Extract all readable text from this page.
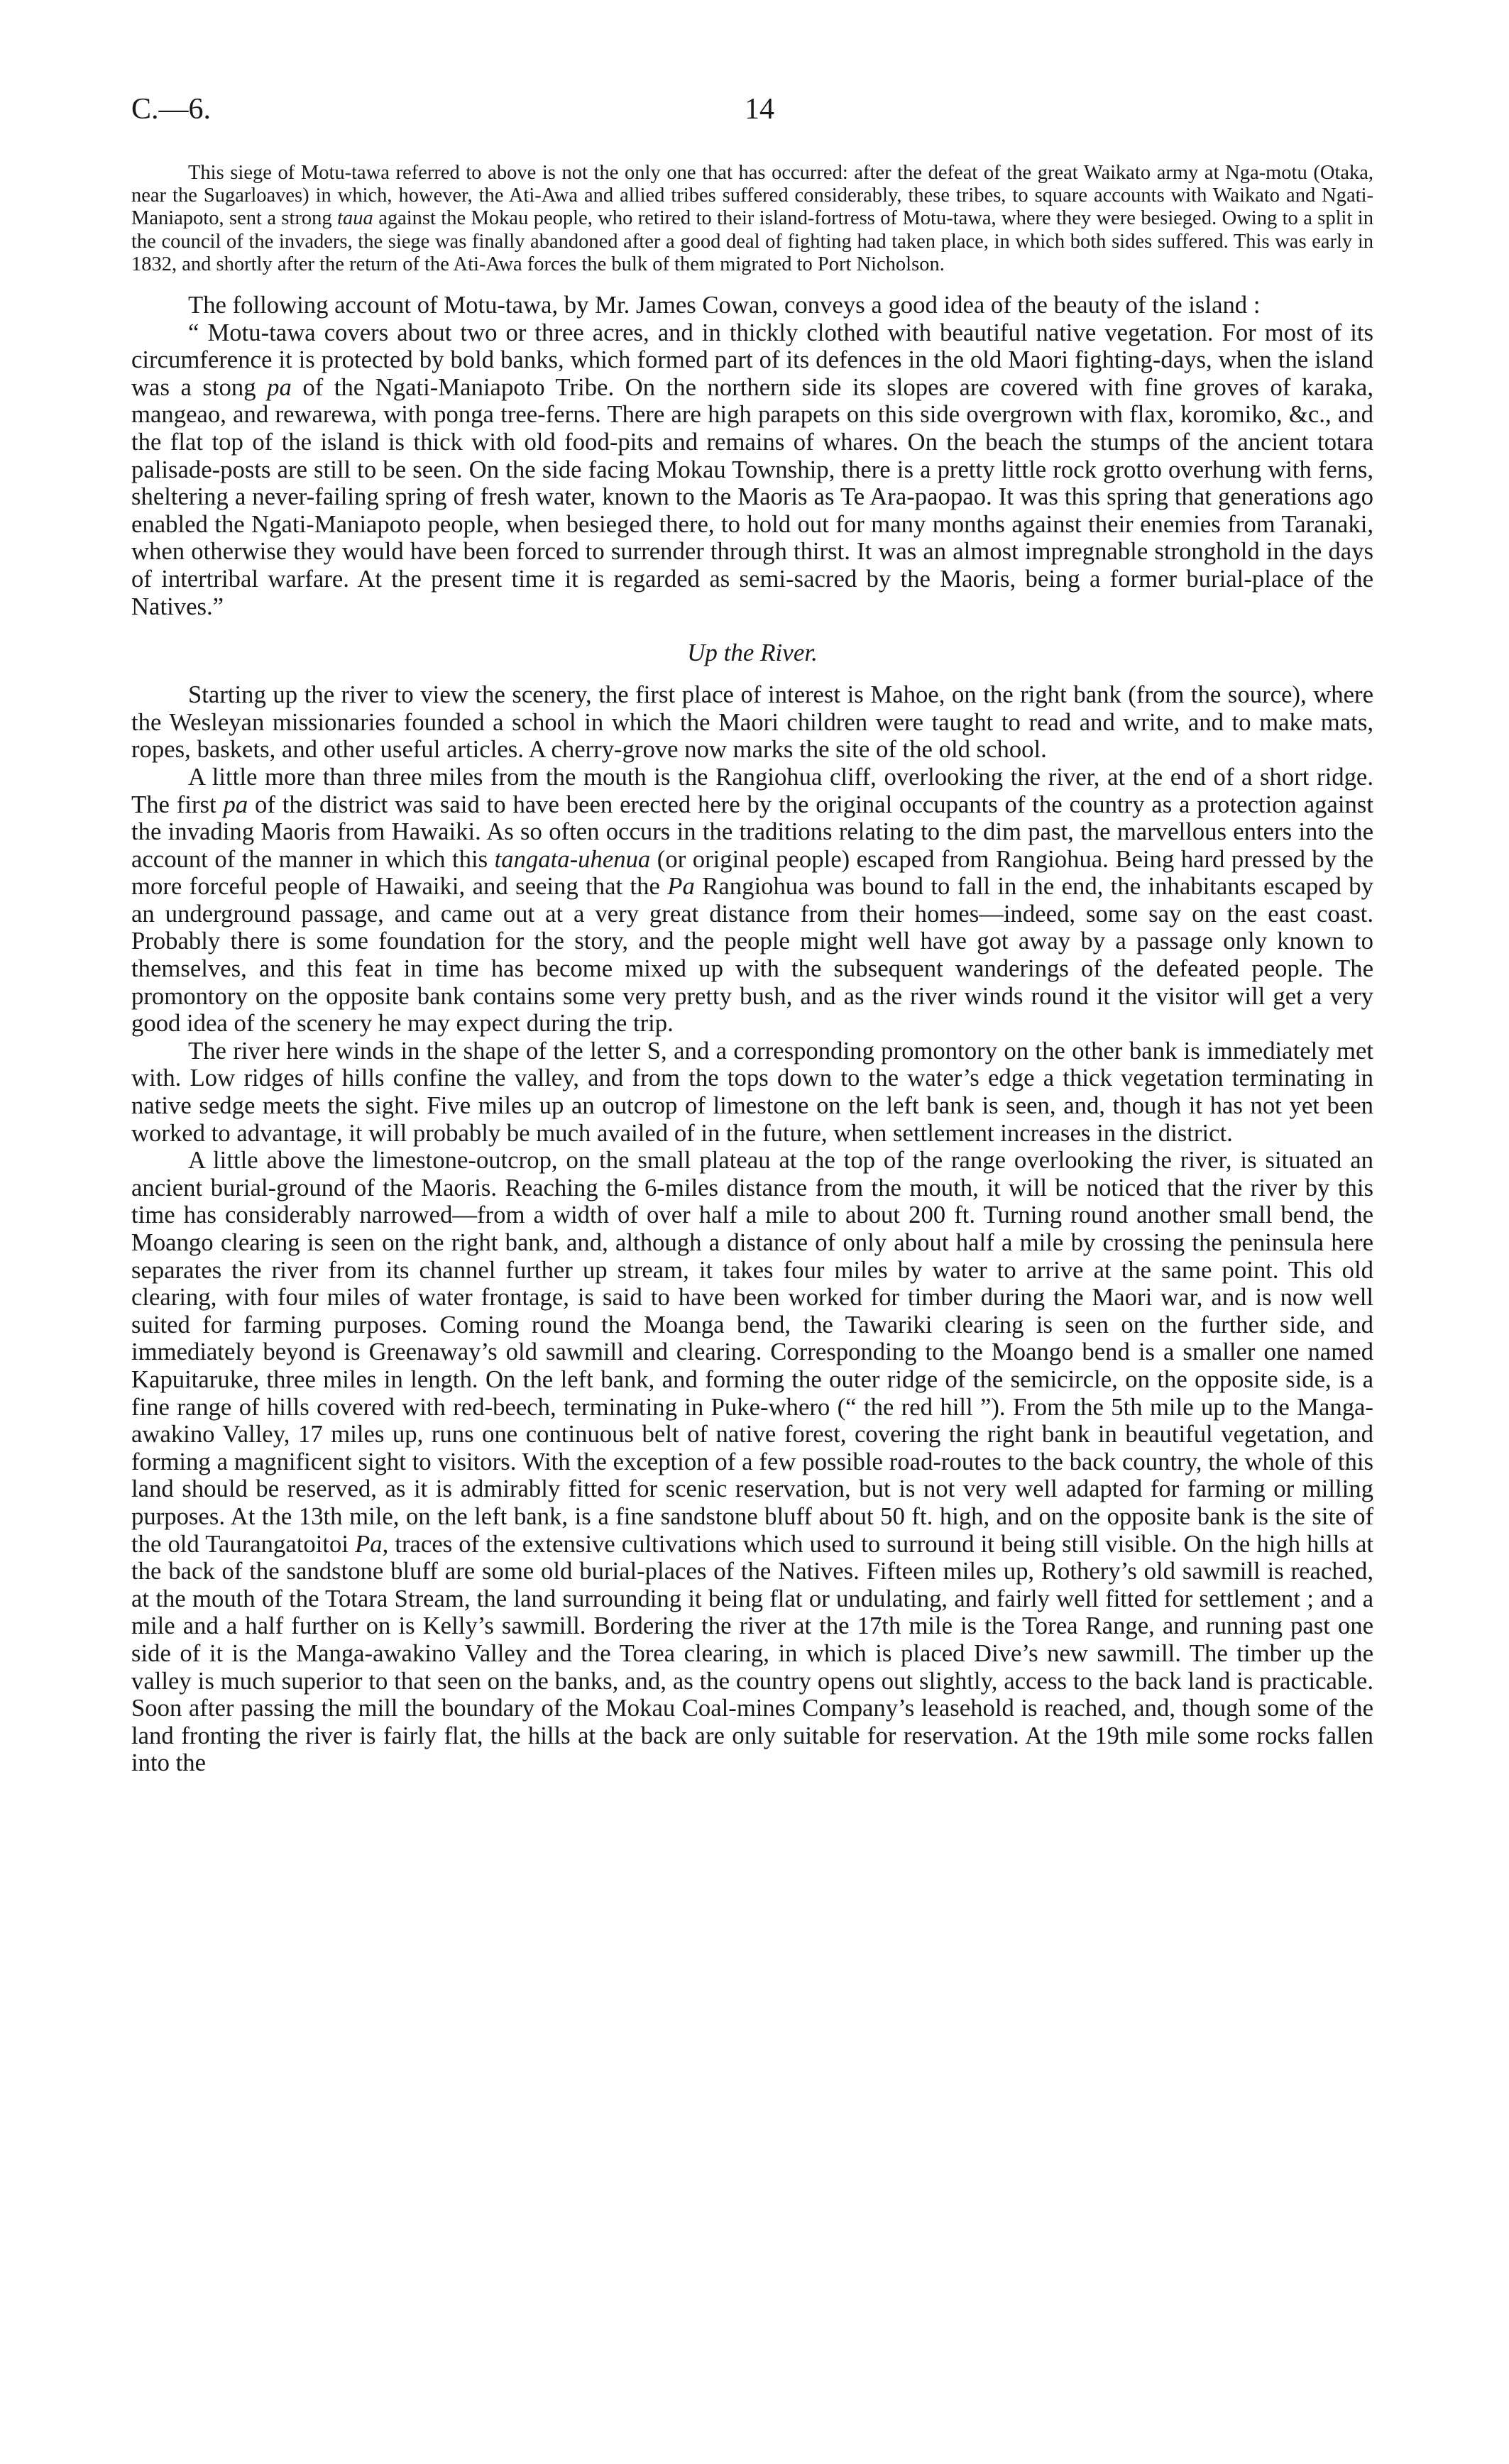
C.—6.	14

This siege of Motu-tawa referred to above is not the only one that has occurred: after the defeat of the great Waikato army at Nga-motu (Otaka, near the Sugarloaves) in which, however, the Ati-Awa and allied tribes suffered considerably, these tribes, to square accounts with Waikato and Ngati-Maniapoto, sent a strong taua against the Mokau people, who retired to their island-fortress of Motu-tawa, where they were besieged. Owing to a split in the council of the invaders, the siege was finally abandoned after a good deal of fighting had taken place, in which both sides suffered. This was early in 1832, and shortly after the return of the Ati-Awa forces the bulk of them migrated to Port Nicholson.

The following account of Motu-tawa, by Mr. James Cowan, conveys a good idea of the beauty of the island :

“ Motu-tawa covers about two or three acres, and in thickly clothed with beautiful native vegetation. For most of its circumference it is protected by bold banks, which formed part of its defences in the old Maori fighting-days, when the island was a stong pa of the Ngati-Maniapoto Tribe. On the northern side its slopes are covered with fine groves of karaka, mangeao, and rewarewa, with ponga tree-ferns. There are high parapets on this side overgrown with flax, koromiko, &c., and the flat top of the island is thick with old food-pits and remains of whares. On the beach the stumps of the ancient totara palisade-posts are still to be seen. On the side facing Mokau Township, there is a pretty little rock grotto overhung with ferns, sheltering a never-failing spring of fresh water, known to the Maoris as Te Ara-paopao. It was this spring that generations ago enabled the Ngati-Maniapoto people, when besieged there, to hold out for many months against their enemies from Taranaki, when otherwise they would have been forced to surrender through thirst. It was an almost impregnable stronghold in the days of intertribal warfare. At the present time it is regarded as semi-sacred by the Maoris, being a former burial-place of the Natives.”

Up the River.

Starting up the river to view the scenery, the first place of interest is Mahoe, on the right bank (from the source), where the Wesleyan missionaries founded a school in which the Maori children were taught to read and write, and to make mats, ropes, baskets, and other useful articles. A cherry-grove now marks the site of the old school.

A little more than three miles from the mouth is the Rangiohua cliff, overlooking the river, at the end of a short ridge. The first pa of the district was said to have been erected here by the original occupants of the country as a protection against the invading Maoris from Hawaiki. As so often occurs in the traditions relating to the dim past, the marvellous enters into the account of the manner in which this tangata-uhenua (or original people) escaped from Rangiohua. Being hard pressed by the more forceful people of Hawaiki, and seeing that the Pa Rangiohua was bound to fall in the end, the inhabitants escaped by an underground passage, and came out at a very great distance from their homes—indeed, some say on the east coast. Probably there is some foundation for the story, and the people might well have got away by a passage only known to themselves, and this feat in time has become mixed up with the subsequent wanderings of the defeated people. The promontory on the opposite bank contains some very pretty bush, and as the river winds round it the visitor will get a very good idea of the scenery he may expect during the trip.

The river here winds in the shape of the letter S, and a corresponding promontory on the other bank is immediately met with. Low ridges of hills confine the valley, and from the tops down to the water’s edge a thick vegetation terminating in native sedge meets the sight. Five miles up an outcrop of limestone on the left bank is seen, and, though it has not yet been worked to advantage, it will probably be much availed of in the future, when settlement increases in the district.

A little above the limestone-outcrop, on the small plateau at the top of the range overlooking the river, is situated an ancient burial-ground of the Maoris. Reaching the 6-miles distance from the mouth, it will be noticed that the river by this time has considerably narrowed—from a width of over half a mile to about 200 ft. Turning round another small bend, the Moango clearing is seen on the right bank, and, although a distance of only about half a mile by crossing the peninsula here separates the river from its channel further up stream, it takes four miles by water to arrive at the same point. This old clearing, with four miles of water frontage, is said to have been worked for timber during the Maori war, and is now well suited for farming purposes. Coming round the Moanga bend, the Tawariki clearing is seen on the further side, and immediately beyond is Greenaway’s old sawmill and clearing. Corresponding to the Moango bend is a smaller one named Kapuitaruke, three miles in length. On the left bank, and forming the outer ridge of the semicircle, on the opposite side, is a fine range of hills covered with red-beech, terminating in Puke-whero (“ the red hill ”). From the 5th mile up to the Manga-awakino Valley, 17 miles up, runs one continuous belt of native forest, covering the right bank in beautiful vegetation, and forming a magnificent sight to visitors. With the exception of a few possible road-routes to the back country, the whole of this land should be reserved, as it is admirably fitted for scenic reservation, but is not very well adapted for farming or milling purposes. At the 13th mile, on the left bank, is a fine sandstone bluff about 50 ft. high, and on the opposite bank is the site of the old Taurangatoitoi Pa, traces of the extensive cultivations which used to surround it being still visible. On the high hills at the back of the sandstone bluff are some old burial-places of the Natives. Fifteen miles up, Rothery’s old sawmill is reached, at the mouth of the Totara Stream, the land surrounding it being flat or undulating, and fairly well fitted for settlement ; and a mile and a half further on is Kelly’s sawmill. Bordering the river at the 17th mile is the Torea Range, and running past one side of it is the Manga-awakino Valley and the Torea clearing, in which is placed Dive’s new sawmill. The timber up the valley is much superior to that seen on the banks, and, as the country opens out slightly, access to the back land is practicable. Soon after passing the mill the boundary of the Mokau Coal-mines Company’s leasehold is reached, and, though some of the land fronting the river is fairly flat, the hills at the back are only suitable for reservation. At the 19th mile some rocks fallen into the
